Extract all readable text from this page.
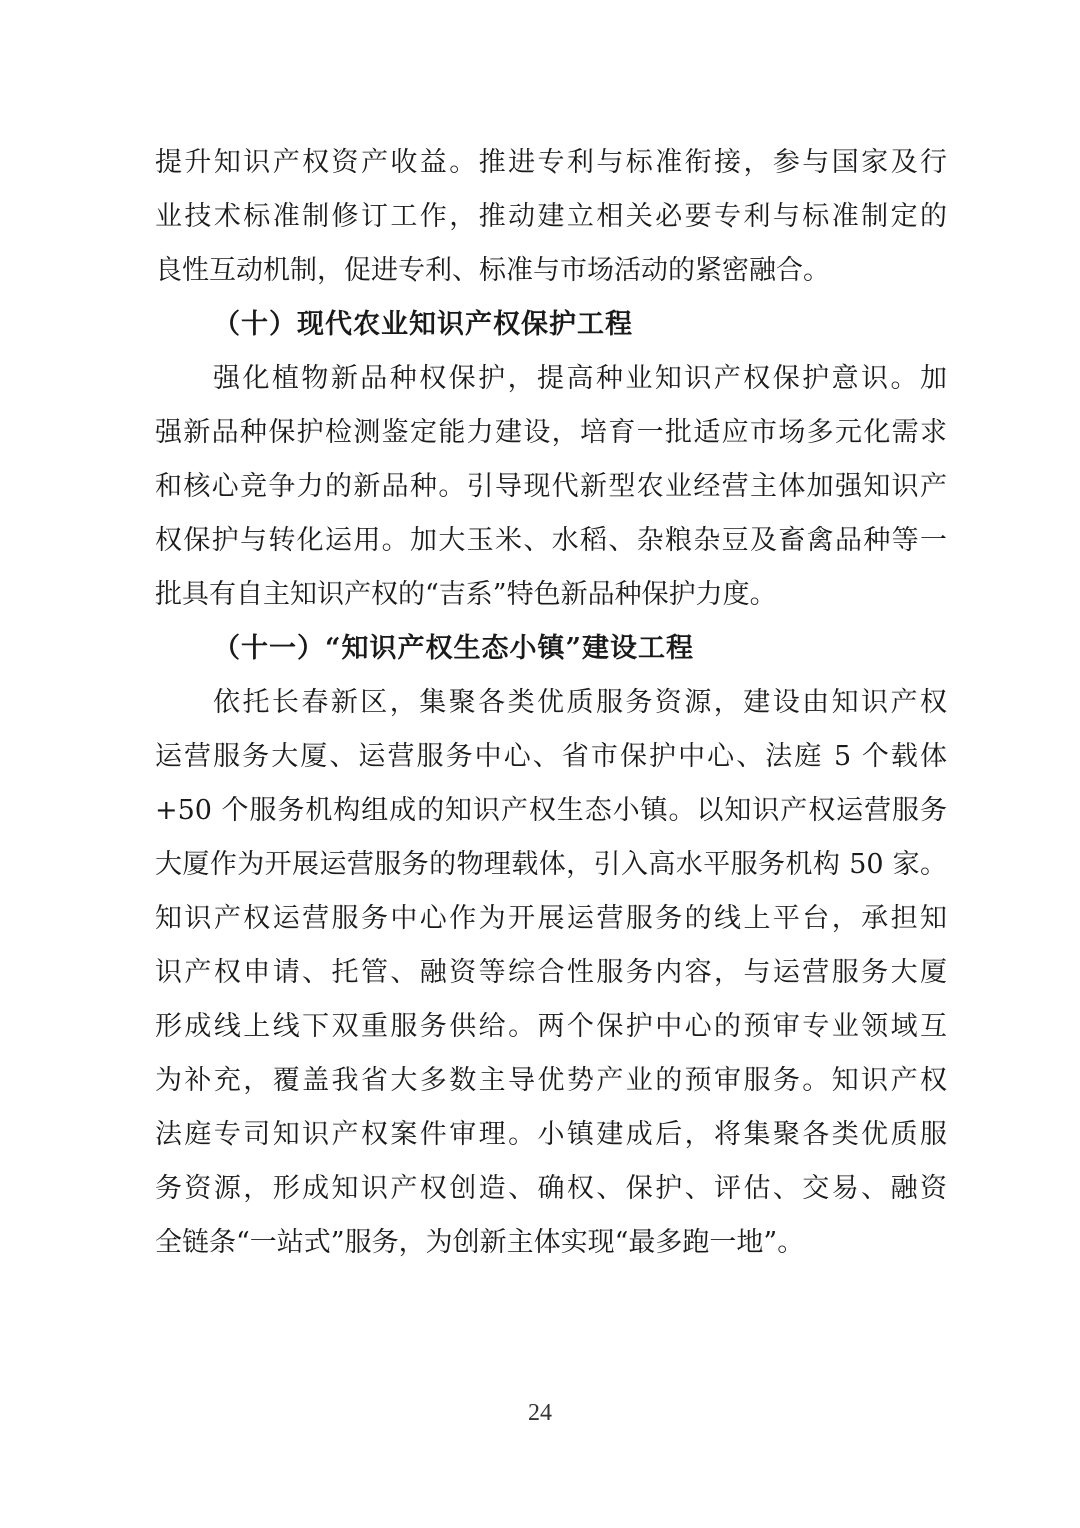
提升知识产权资产收益。推进专利与标准衔接，参与国家及行
业技术标准制修订工作，推动建立相关必要专利与标准制定的
良性互动机制，促进专利、标准与市场活动的紧密融合。
（十）现代农业知识产权保护工程
强化植物新品种权保护，提高种业知识产权保护意识。加
强新品种保护检测鉴定能力建设，培育一批适应市场多元化需求
和核心竞争力的新品种。引导现代新型农业经营主体加强知识产
权保护与转化运用。加大玉米、水稻、杂粮杂豆及畜禽品种等一
批具有自主知识产权的“吉系”特色新品种保护力度。
（十一）“知识产权生态小镇”建设工程
依托长春新区，集聚各类优质服务资源，建设由知识产权
运营服务大厦、运营服务中心、省市保护中心、法庭 5 个载体
+50 个服务机构组成的知识产权生态小镇。以知识产权运营服务
大厦作为开展运营服务的物理载体，引入高水平服务机构 50 家。
知识产权运营服务中心作为开展运营服务的线上平台，承担知
识产权申请、托管、融资等综合性服务内容，与运营服务大厦
形成线上线下双重服务供给。两个保护中心的预审专业领域互
为补充，覆盖我省大多数主导优势产业的预审服务。知识产权
法庭专司知识产权案件审理。小镇建成后，将集聚各类优质服
务资源，形成知识产权创造、确权、保护、评估、交易、融资
全链条“一站式”服务，为创新主体实现“最多跑一地”。
24
